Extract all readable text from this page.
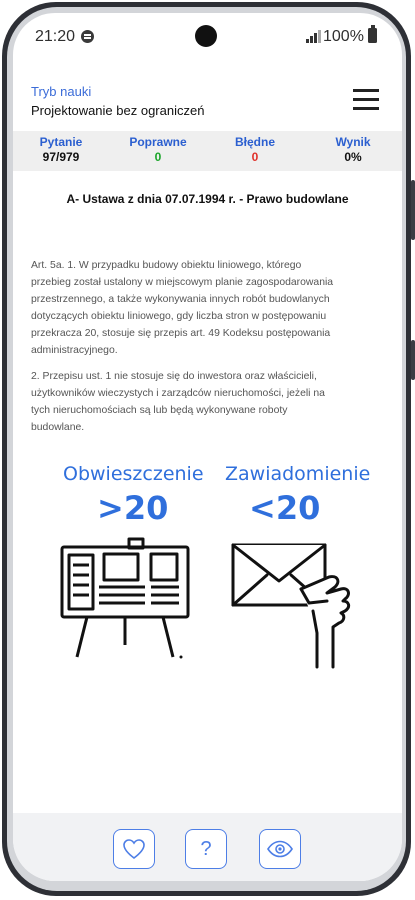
21:20	100%
Tryb nauki
Projektowanie bez ograniczeń
Pytanie
97/979
Poprawne
0
Błędne
0
Wynik
0%
A- Ustawa z dnia 07.07.1994 r. - Prawo budowlane
Art. 5a. 1. W przypadku budowy obiektu liniowego, którego
przebieg został ustalony w miejscowym planie zagospodarowania
przestrzennego, a także wykonywania innych robót budowlanych
dotyczących obiektu liniowego, gdy liczba stron w postępowaniu
przekracza 20, stosuje się przepis art. 49 Kodeksu postępowania
administracyjnego.
2. Przepisu ust. 1 nie stosuje się do inwestora oraz właścicieli,
użytkowników wieczystych i zarządców nieruchomości, jeżeli na
tych nieruchomościach są lub będą wykonywane roboty
budowlane.
Obwieszczenie
>20
Zawiadomienie
<20
?
